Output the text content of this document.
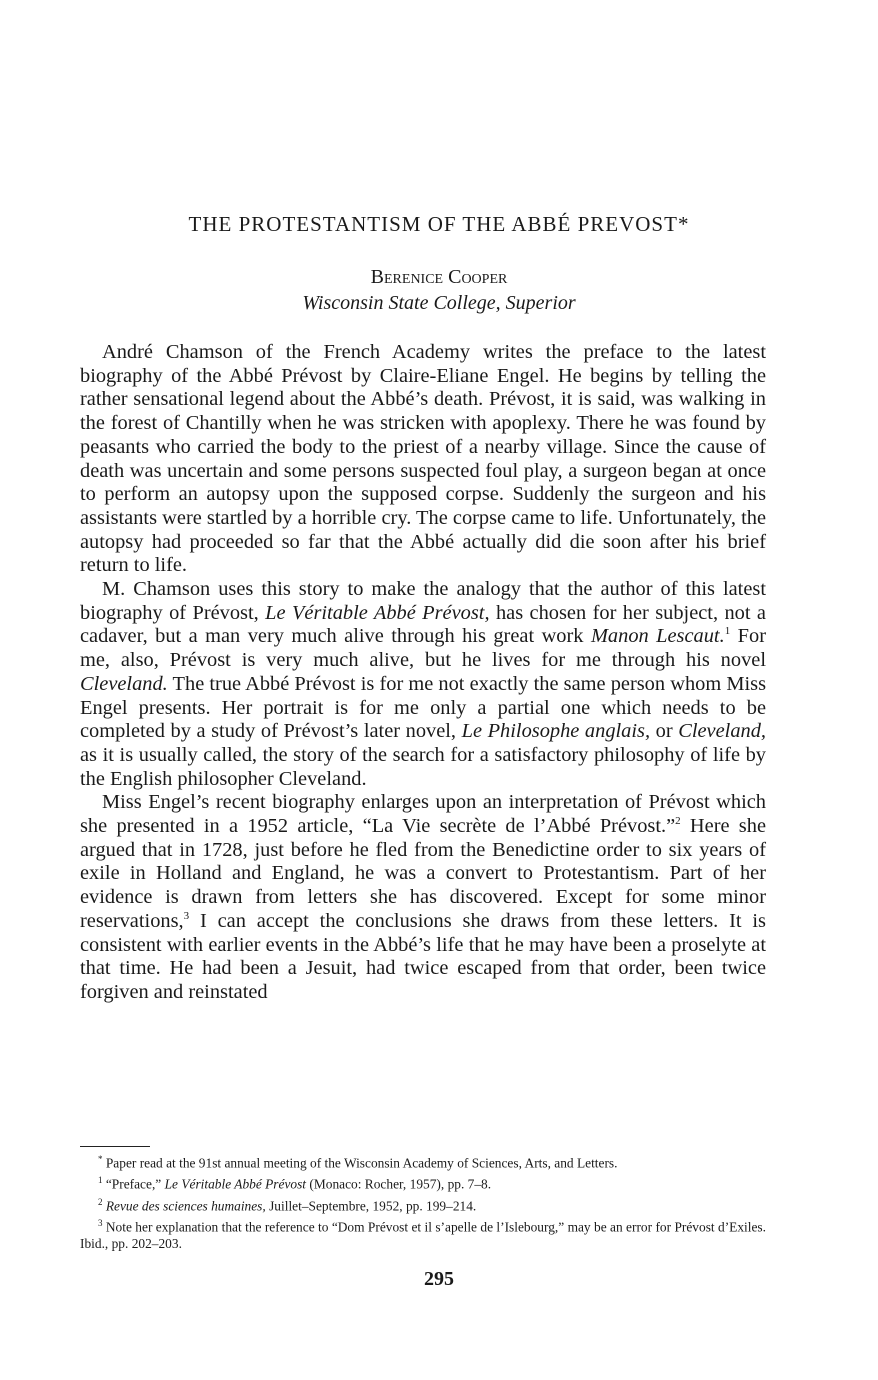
THE PROTESTANTISM OF THE ABBÉ PREVOST*
Berenice Cooper
Wisconsin State College, Superior

André Chamson of the French Academy writes the preface to the latest biography of the Abbé Prévost by Claire-Eliane Engel. He begins by telling the rather sensational legend about the Abbé’s death. Prévost, it is said, was walking in the forest of Chantilly when he was stricken with apoplexy. There he was found by peasants who carried the body to the priest of a nearby village. Since the cause of death was uncertain and some persons suspected foul play, a surgeon began at once to perform an autopsy upon the supposed corpse. Suddenly the surgeon and his assistants were startled by a horrible cry. The corpse came to life. Unfortunately, the autopsy had proceeded so far that the Abbé actually did die soon after his brief return to life.

M. Chamson uses this story to make the analogy that the author of this latest biography of Prévost, Le Véritable Abbé Prévost, has chosen for her subject, not a cadaver, but a man very much alive through his great work Manon Lescaut.$^1$ For me, also, Prévost is very much alive, but he lives for me through his novel Cleveland. The true Abbé Prévost is for me not exactly the same person whom Miss Engel presents. Her portrait is for me only a partial one which needs to be completed by a study of Prévost’s later novel, Le Philosophe anglais, or Cleveland, as it is usually called, the story of the search for a satisfactory philosophy of life by the English philosopher Cleveland.

Miss Engel’s recent biography enlarges upon an interpretation of Prévost which she presented in a 1952 article, “La Vie secrète de l’Abbé Prévost.”$^2$ Here she argued that in 1728, just before he fled from the Benedictine order to six years of exile in Holland and England, he was a convert to Protestantism. Part of her evidence is drawn from letters she has discovered. Except for some minor reservations,$^3$ I can accept the conclusions she draws from these letters. It is consistent with earlier events in the Abbé’s life that he may have been a proselyte at that time. He had been a Jesuit, had twice escaped from that order, been twice forgiven and reinstated

* Paper read at the 91st annual meeting of the Wisconsin Academy of Sciences, Arts, and Letters.

$^1$ “Preface,” Le Véritable Abbé Prévost (Monaco: Rocher, 1957), pp. 7–8.

$^2$ Revue des sciences humaines, Juillet–Septembre, 1952, pp. 199–214.

$^3$ Note her explanation that the reference to “Dom Prévost et il s’apelle de l’Islebourg,” may be an error for Prévost d’Exiles. Ibid., pp. 202–203.

295
